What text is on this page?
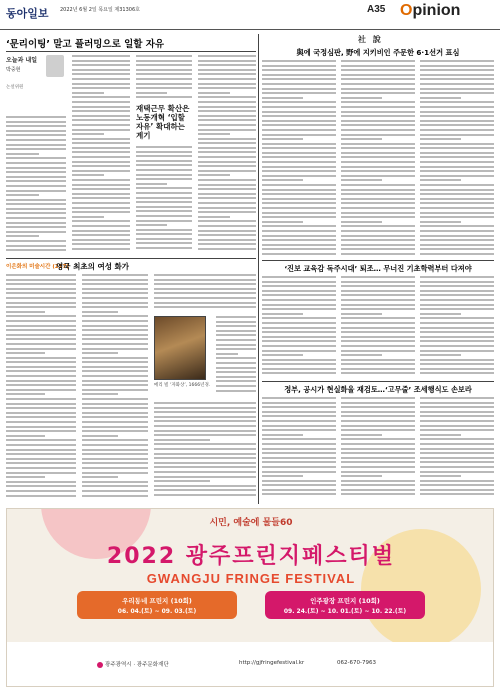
동아일보 2022년 6월 2일 목요일 제31306호	A35 Opinion
‘문리이팅’ 말고 플러밍으로 일할 자유
오늘과 내일
박중현
논설위원
재택근무 확산은 노동개혁 ‘입할 자유’ 확대하는 계기
이은화의 미술시간 (217)
영국 최초의 여성 화가
메리 빌 ‘자화상’, 1666년경.
社 說
與에 국정심판, 野에 지키비인 주문한 6·1선거 표심
‘진보 교육감 독주시대’ 퇴조… 무너진 기초학력부터 다져야
정부, 공시가 현실화율 재검토…‘고무줄’ 조세행식도 손보라
시민, 예술에 물들60
2022 광주프린지페스티벌
GWANGJU FRINGE FESTIVAL
우리동네 프린지 (10회)
06. 04.(토) ~ 09. 03.(토)
인주광장 프린지 (10회)
09. 24.(토) ~ 10. 01.(토) ~ 10. 22.(토)
광주광역시 · 광주문화재단	http://gjfringefestival.kr	062-670-7963
